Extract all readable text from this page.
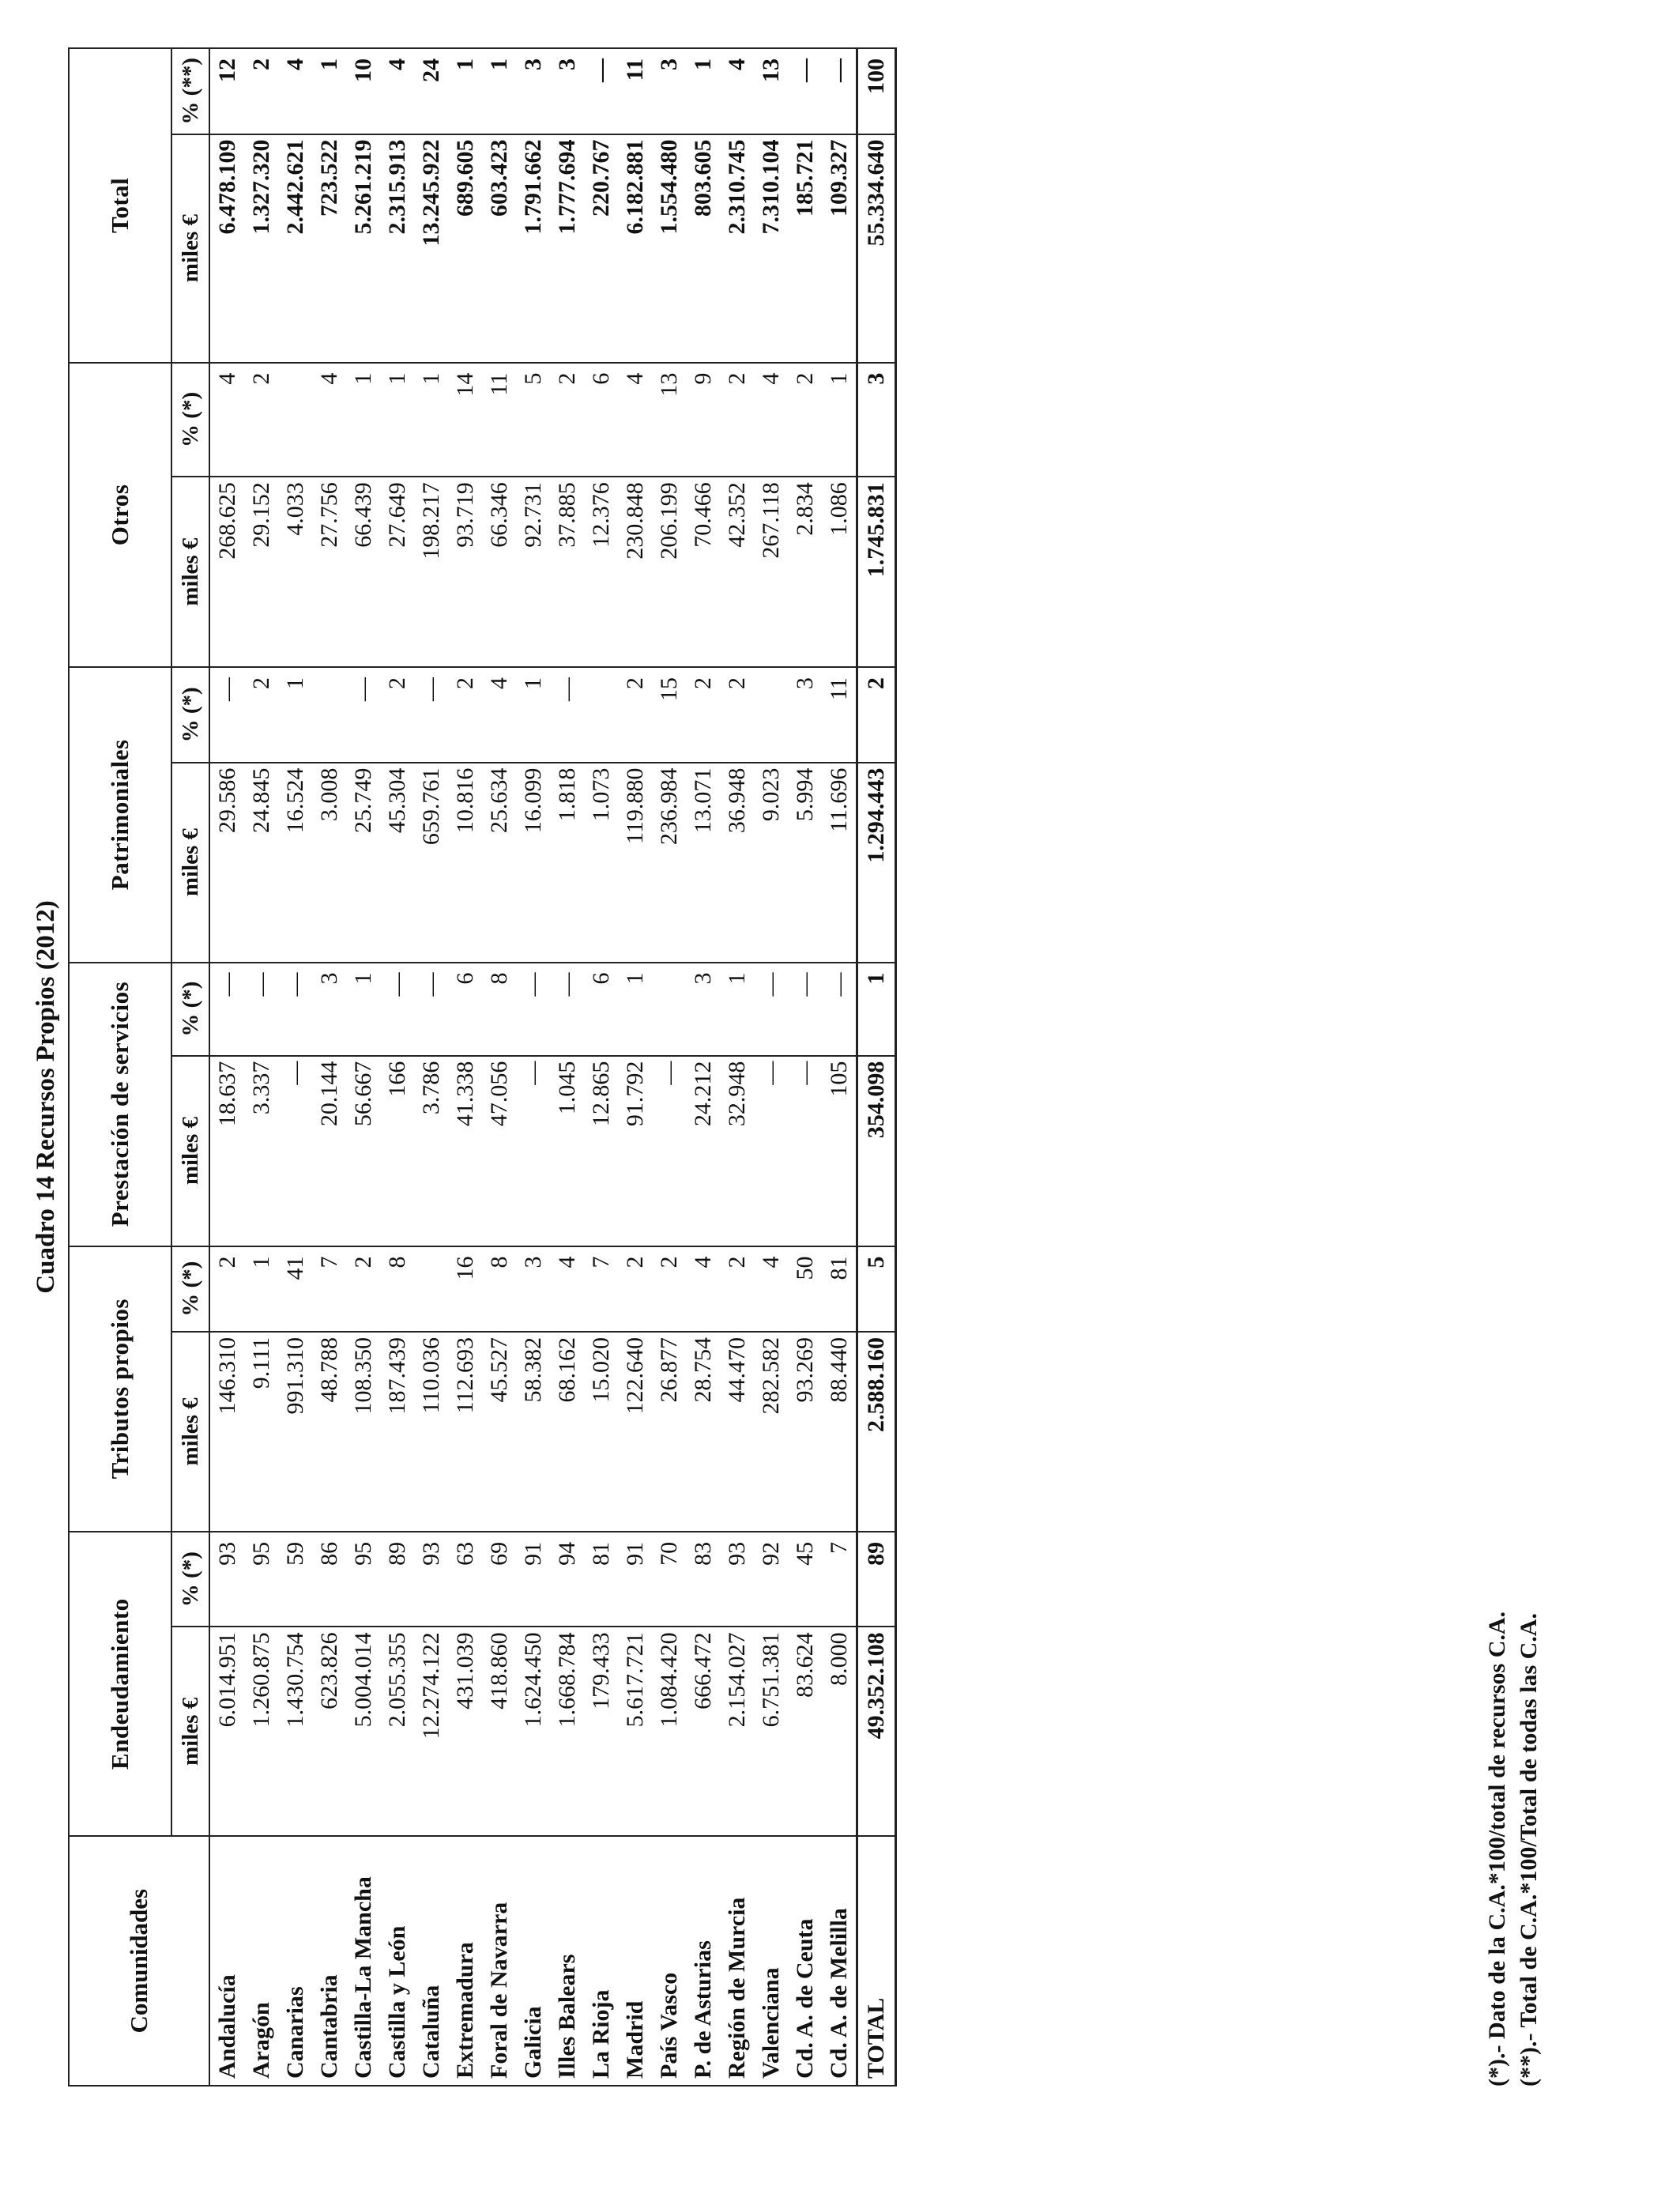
Cuadro 14 Recursos Propios (2012)
Comunidades	Endeudamiento		Tributos propios		Prestación de servicios		Patrimoniales		Otros		Total	
	miles €	% (*)	miles €	% (*)	miles €	% (*)	miles €	% (*)	miles €	% (*)	miles €	% (**)
Andalucía	6.014.951	93	146.310	2	18.637	—	29.586	—	268.625	4	6.478.109	12
Aragón	1.260.875	95	9.111	1	3.337	—	24.845	2	29.152	2	1.327.320	2
Canarias	1.430.754	59	991.310	41	—	—	16.524	1	4.033		2.442.621	4
Cantabria	623.826	86	48.788	7	20.144	3	3.008		27.756	4	723.522	1
Castilla-La Mancha	5.004.014	95	108.350	2	56.667	1	25.749	—	66.439	1	5.261.219	10
Castilla y León	2.055.355	89	187.439	8	166	—	45.304	2	27.649	1	2.315.913	4
Cataluña	12.274.122	93	110.036		3.786	—	659.761	—	198.217	1	13.245.922	24
Extremadura	431.039	63	112.693	16	41.338	6	10.816	2	93.719	14	689.605	1
Foral de Navarra	418.860	69	45.527	8	47.056	8	25.634	4	66.346	11	603.423	1
Galicia	1.624.450	91	58.382	3	—	—	16.099	1	92.731	5	1.791.662	3
Illes Balears	1.668.784	94	68.162	4	1.045	—	1.818	—	37.885	2	1.777.694	3
La Rioja	179.433	81	15.020	7	12.865	6	1.073		12.376	6	220.767	—
Madrid	5.617.721	91	122.640	2	91.792	1	119.880	2	230.848	4	6.182.881	11
País Vasco	1.084.420	70	26.877	2	—		236.984	15	206.199	13	1.554.480	3
P. de Asturias	666.472	83	28.754	4	24.212	3	13.071	2	70.466	9	803.605	1
Región de Murcia	2.154.027	93	44.470	2	32.948	1	36.948	2	42.352	2	2.310.745	4
Valenciana	6.751.381	92	282.582	4	—	—	9.023		267.118	4	7.310.104	13
Cd. A. de Ceuta	83.624	45	93.269	50	—	—	5.994	3	2.834	2	185.721	—
Cd. A. de Melilla	8.000	7	88.440	81	105	—	11.696	11	1.086	1	109.327	—
TOTAL	49.352.108	89	2.588.160	5	354.098	1	1.294.443	2	1.745.831	3	55.334.640	100
(*).- Dato de la C.A.*100/total de recursos C.A. (**).- Total de C.A.*100/Total de todas las C.A.
